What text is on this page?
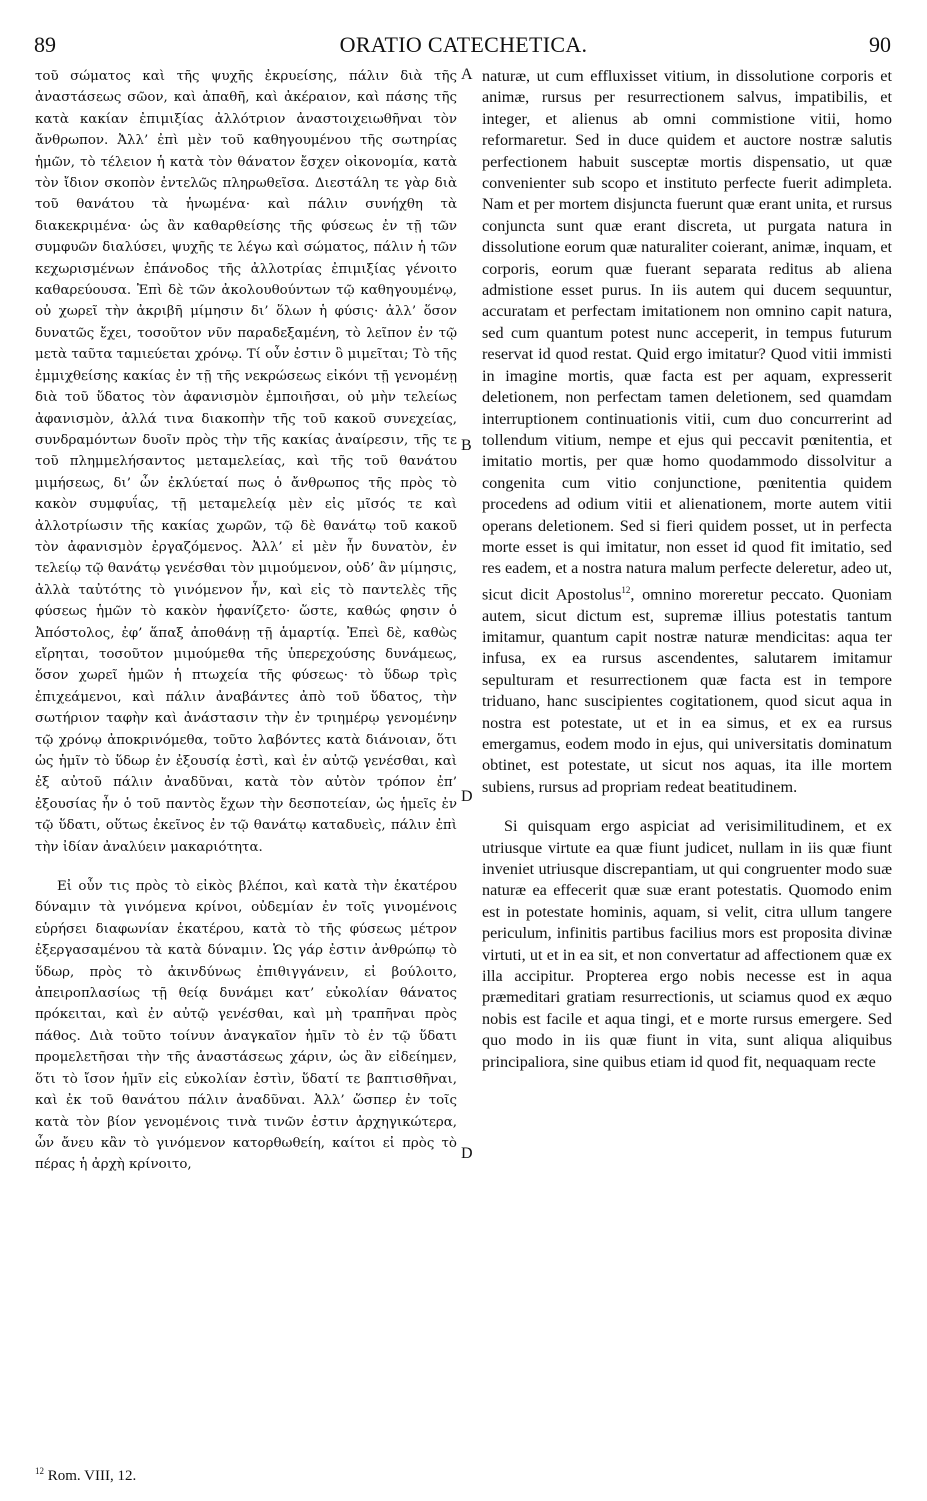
89	ORATIO CATECHETICA.	90

τοῦ σώματος καὶ τῆς ψυχῆς ἐκρυείσης, πάλιν διὰ τῆς ἀναστάσεως σῶον, καὶ ἀπαθῆ, καὶ ἀκέραιον, καὶ πάσης τῆς κατὰ κακίαν ἐπιμιξίας ἀλλότριον ἀναστοιχειωθῆναι τὸν ἄνθρωπον. Ἀλλ’ ἐπὶ μὲν τοῦ καθηγουμένου τῆς σωτηρίας ἡμῶν, τὸ τέλειον ἡ κατὰ τὸν θάνατον ἔσχεν οἰκονομία, κατὰ τὸν ἴδιον σκοπὸν ἐντελῶς πληρωθεῖσα. Διεστάλη τε γὰρ διὰ τοῦ θανάτου τὰ ἡνωμένα· καὶ πάλιν συνήχθη τὰ διακεκριμένα· ὡς ἂν καθαρθείσης τῆς φύσεως ἐν τῇ τῶν συμφυῶν διαλύσει, ψυχῆς τε λέγω καὶ σώματος, πάλιν ἡ τῶν κεχωρισμένων ἐπάνοδος τῆς ἀλλοτρίας ἐπιμιξίας γένοιτο καθαρεύουσα. Ἐπὶ δὲ τῶν ἀκολουθούντων τῷ καθηγουμένῳ, οὐ χωρεῖ τὴν ἀκριβῆ μίμησιν δι’ ὅλων ἡ φύσις· ἀλλ’ ὅσον δυνατῶς ἔχει, τοσοῦτον νῦν παραδεξαμένη, τὸ λεῖπον ἐν τῷ μετὰ ταῦτα ταμιεύεται χρόνῳ. Τί οὖν ἐστιν ὃ μιμεῖται; Τὸ τῆς ἐμμιχθείσης κακίας ἐν τῇ τῆς νεκρώσεως εἰκόνι τῇ γενομένῃ διὰ τοῦ ὕδατος τὸν ἀφανισμὸν ἐμποιῆσαι, οὐ μὴν τελείως ἀφανισμὸν, ἀλλά τινα διακοπὴν τῆς τοῦ κακοῦ συνεχείας, συνδραμόντων δυοῖν πρὸς τὴν τῆς κακίας ἀναίρεσιν, τῆς τε τοῦ πλημμελήσαντος μεταμελείας, καὶ τῆς τοῦ θανάτου μιμήσεως, δι’ ὧν ἐκλύεταί πως ὁ ἄνθρωπος τῆς πρὸς τὸ κακὸν συμφυΐας, τῇ μεταμελείᾳ μὲν εἰς μῖσός τε καὶ ἀλλοτρίωσιν τῆς κακίας χωρῶν, τῷ δὲ θανάτῳ τοῦ κακοῦ τὸν ἀφανισμὸν ἐργαζόμενος. Ἀλλ’ εἰ μὲν ἦν δυνατὸν, ἐν τελείῳ τῷ θανάτῳ γενέσθαι τὸν μιμούμενον, οὐδ’ ἂν μίμησις, ἀλλὰ ταὐτότης τὸ γινόμενον ἦν, καὶ εἰς τὸ παντελὲς τῆς φύσεως ἡμῶν τὸ κακὸν ἠφανίζετο· ὥστε, καθώς φησιν ὁ Ἀπόστολος, ἐφ’ ἅπαξ ἀποθάνῃ τῇ ἁμαρτίᾳ. Ἐπεὶ δὲ, καθὼς εἴρηται, τοσοῦτον μιμούμεθα τῆς ὑπερεχούσης δυνάμεως, ὅσον χωρεῖ ἡμῶν ἡ πτωχεία τῆς φύσεως· τὸ ὕδωρ τρὶς ἐπιχεάμενοι, καὶ πάλιν ἀναβάντες ἀπὸ τοῦ ὕδατος, τὴν σωτήριον ταφὴν καὶ ἀνάστασιν τὴν ἐν τριημέρῳ γενομένην τῷ χρόνῳ ἀποκρινόμεθα, τοῦτο λαβόντες κατὰ διάνοιαν, ὅτι ὡς ἡμῖν τὸ ὕδωρ ἐν ἐξουσίᾳ ἐστὶ, καὶ ἐν αὐτῷ γενέσθαι, καὶ ἐξ αὐτοῦ πάλιν ἀναδῦναι, κατὰ τὸν αὐτὸν τρόπον ἐπ’ ἐξουσίας ἦν ὁ τοῦ παντὸς ἔχων τὴν δεσποτείαν, ὡς ἡμεῖς ἐν τῷ ὕδατι, οὕτως ἐκεῖνος ἐν τῷ θανάτῳ καταδυεὶς, πάλιν ἐπὶ τὴν ἰδίαν ἀναλύειν μακαριότητα.

Εἰ οὖν τις πρὸς τὸ εἰκὸς βλέποι, καὶ κατὰ τὴν ἑκατέρου δύναμιν τὰ γινόμενα κρίνοι, οὐδεμίαν ἐν τοῖς γινομένοις εὑρήσει διαφωνίαν ἑκατέρου, κατὰ τὸ τῆς φύσεως μέτρον ἐξεργασαμένου τὰ κατὰ δύναμιν. Ὡς γάρ ἐστιν ἀνθρώπῳ τὸ ὕδωρ, πρὸς τὸ ἀκινδύνως ἐπιθιγγάνειν, εἰ βούλοιτο, ἀπειροπλασίως τῇ θείᾳ δυνάμει κατ’ εὐκολίαν θάνατος πρόκειται, καὶ ἐν αὐτῷ γενέσθαι, καὶ μὴ τραπῆναι πρὸς πάθος. Διὰ τοῦτο τοίνυν ἀναγκαῖον ἡμῖν τὸ ἐν τῷ ὕδατι προμελετῆσαι τὴν τῆς ἀναστάσεως χάριν, ὡς ἂν εἰδείημεν, ὅτι τὸ ἴσον ἡμῖν εἰς εὐκολίαν ἐστὶν, ὕδατί τε βαπτισθῆναι, καὶ ἐκ τοῦ θανάτου πάλιν ἀναδῦναι. Ἀλλ’ ὥσπερ ἐν τοῖς κατὰ τὸν βίον γενομένοις τινὰ τινῶν ἐστιν ἀρχηγικώτερα, ὧν ἄνευ κἂν τὸ γινόμενον κατορθωθείη, καίτοι εἰ πρὸς τὸ πέρας ἡ ἀρχὴ κρίνοιτο,

A
B
D
D

naturæ, ut cum effluxisset vitium, in dissolutione corporis et animæ, rursus per resurrectionem salvus, impatibilis, et integer, et alienus ab omni commistione vitii, homo reformaretur. Sed in duce quidem et auctore nostræ salutis perfectionem habuit susceptæ mortis dispensatio, ut quæ convenienter sub scopo et instituto perfecte fuerit adimpleta. Nam et per mortem disjuncta fuerunt quæ erant unita, et rursus conjuncta sunt quæ erant discreta, ut purgata natura in dissolutione eorum quæ naturaliter coierant, animæ, inquam, et corporis, eorum quæ fuerant separata reditus ab aliena admistione esset purus. In iis autem qui ducem sequuntur, accuratam et perfectam imitationem non omnino capit natura, sed cum quantum potest nunc acceperit, in tempus futurum reservat id quod restat. Quid ergo imitatur? Quod vitii immisti in imagine mortis, quæ facta est per aquam, expresserit deletionem, non perfectam tamen deletionem, sed quamdam interruptionem continuationis vitii, cum duo concurrerint ad tollendum vitium, nempe et ejus qui peccavit pœnitentia, et imitatio mortis, per quæ homo quodammodo dissolvitur a congenita cum vitio conjunctione, pœnitentia quidem procedens ad odium vitii et alienationem, morte autem vitii operans deletionem. Sed si fieri quidem posset, ut in perfecta morte esset is qui imitatur, non esset id quod fit imitatio, sed res eadem, et a nostra natura malum perfecte deleretur, adeo ut, sicut dicit Apostolus$^{12}$, omnino moreretur peccato. Quoniam autem, sicut dictum est, supremæ illius potestatis tantum imitamur, quantum capit nostræ naturæ mendicitas: aqua ter infusa, ex ea rursus ascendentes, salutarem imitamur sepulturam et resurrectionem quæ facta est in tempore triduano, hanc suscipientes cogitationem, quod sicut aqua in nostra est potestate, ut et in ea simus, et ex ea rursus emergamus, eodem modo in ejus, qui universitatis dominatum obtinet, est potestate, ut sicut nos aquas, ita ille mortem subiens, rursus ad propriam redeat beatitudinem.

Si quisquam ergo aspiciat ad verisimilitudinem, et ex utriusque virtute ea quæ fiunt judicet, nullam in iis quæ fiunt inveniet utriusque discrepantiam, ut qui congruenter modo suæ naturæ ea effecerit quæ suæ erant potestatis. Quomodo enim est in potestate hominis, aquam, si velit, citra ullum tangere periculum, infinitis partibus facilius mors est proposita divinæ virtuti, ut et in ea sit, et non convertatur ad affectionem quæ ex illa accipitur. Propterea ergo nobis necesse est in aqua præmeditari gratiam resurrectionis, ut sciamus quod ex æquo nobis est facile et aqua tingi, et e morte rursus emergere. Sed quo modo in iis quæ fiunt in vita, sunt aliqua aliquibus principaliora, sine quibus etiam id quod fit, nequaquam recte

$^{12}$ Rom. VIII, 12.
